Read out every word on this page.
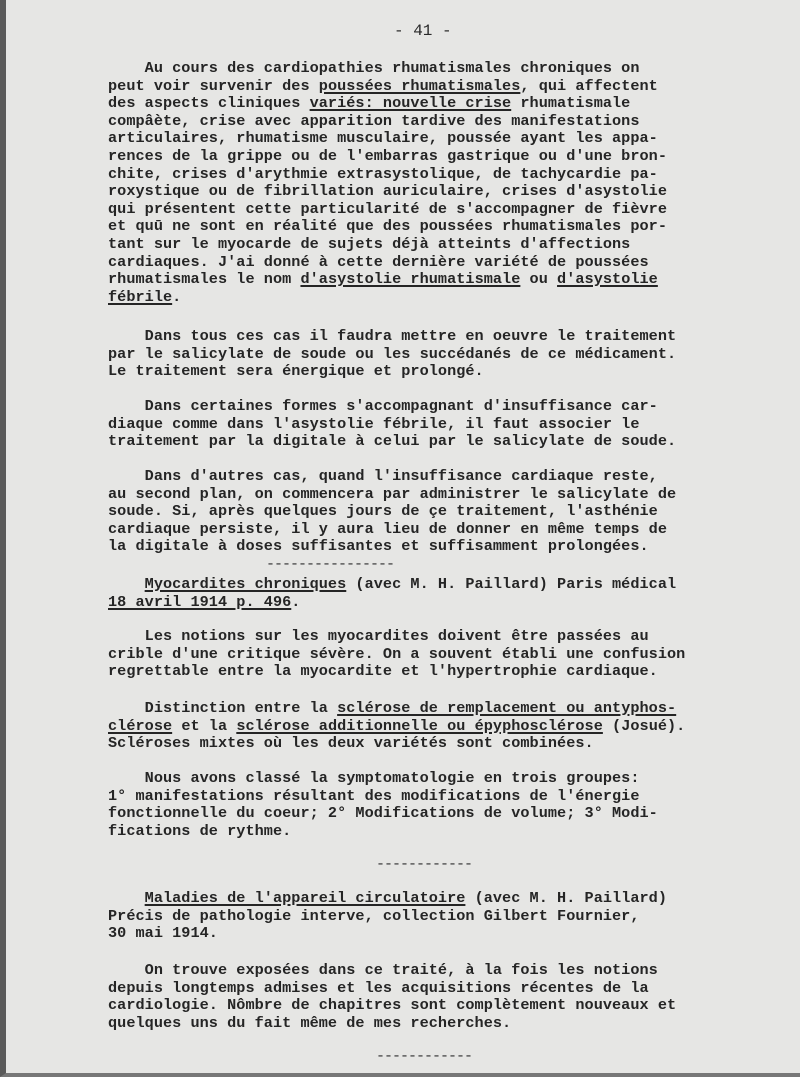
- 41 -
Au cours des cardiopathies rhumatismales chroniques on
peut voir survenir des poussées rhumatismales, qui affectent
des aspects cliniques variés: nouvelle crise rhumatismale
compâète, crise avec apparition tardive des manifestations
articulaires, rhumatisme musculaire, poussée ayant les appa-
rences de la grippe ou de l'embarras gastrique ou d'une bron-
chite, crises d'arythmie extrasystolique, de tachycardie pa-
roxystique ou de fibrillation auriculaire, crises d'asystolie
qui présentent cette particularité de s'accompagner de fièvre
et quū ne sont en réalité que des poussées rhumatismales por-
tant sur le myocarde de sujets déjà atteints d'affections
cardiaques. J'ai donné à cette dernière variété de poussées
rhumatismales le nom d'asystolie rhumatismale ou d'asystolie
fébrile.
Dans tous ces cas il faudra mettre en oeuvre le traitement
par le salicylate de soude ou les succédanés de ce médicament.
Le traitement sera énergique et prolongé.
Dans certaines formes s'accompagnant d'insuffisance car-
diaque comme dans l'asystolie fébrile, il faut associer le
traitement par la digitale à celui par le salicylate de soude.
Dans d'autres cas, quand l'insuffisance cardiaque reste,
au second plan, on commencera par administrer le salicylate de
soude. Si, après quelques jours de çe traitement, l'asthénie
cardiaque persiste, il y aura lieu de donner en même temps de
la digitale à doses suffisantes et suffisamment prolongées.
----------------
Myocardites chroniques (avec M. H. Paillard) Paris médical
18 avril 1914 p. 496.
Les notions sur les myocardites doivent être passées au
crible d'une critique sévère. On a souvent établi une confusion
regrettable entre la myocardite et l'hypertrophie cardiaque.
Distinction entre la sclérose de remplacement ou antyphos-
clérose et la sclérose additionnelle ou épyphosclérose (Josué).
Scléroses mixtes où les deux variétés sont combinées.
Nous avons classé la symptomatologie en trois groupes:
1° manifestations résultant des modifications de l'énergie
fonctionnelle du coeur; 2° Modifications de volume; 3° Modi-
fications de rythme.
------------
Maladies de l'appareil circulatoire (avec M. H. Paillard)
Précis de pathologie interve, collection Gilbert Fournier,
30 mai 1914.
On trouve exposées dans ce traité, à la fois les notions
depuis longtemps admises et les acquisitions récentes de la
cardiologie. Nômbre de chapitres sont complètement nouveaux et
quelques uns du fait même de mes recherches.
------------
